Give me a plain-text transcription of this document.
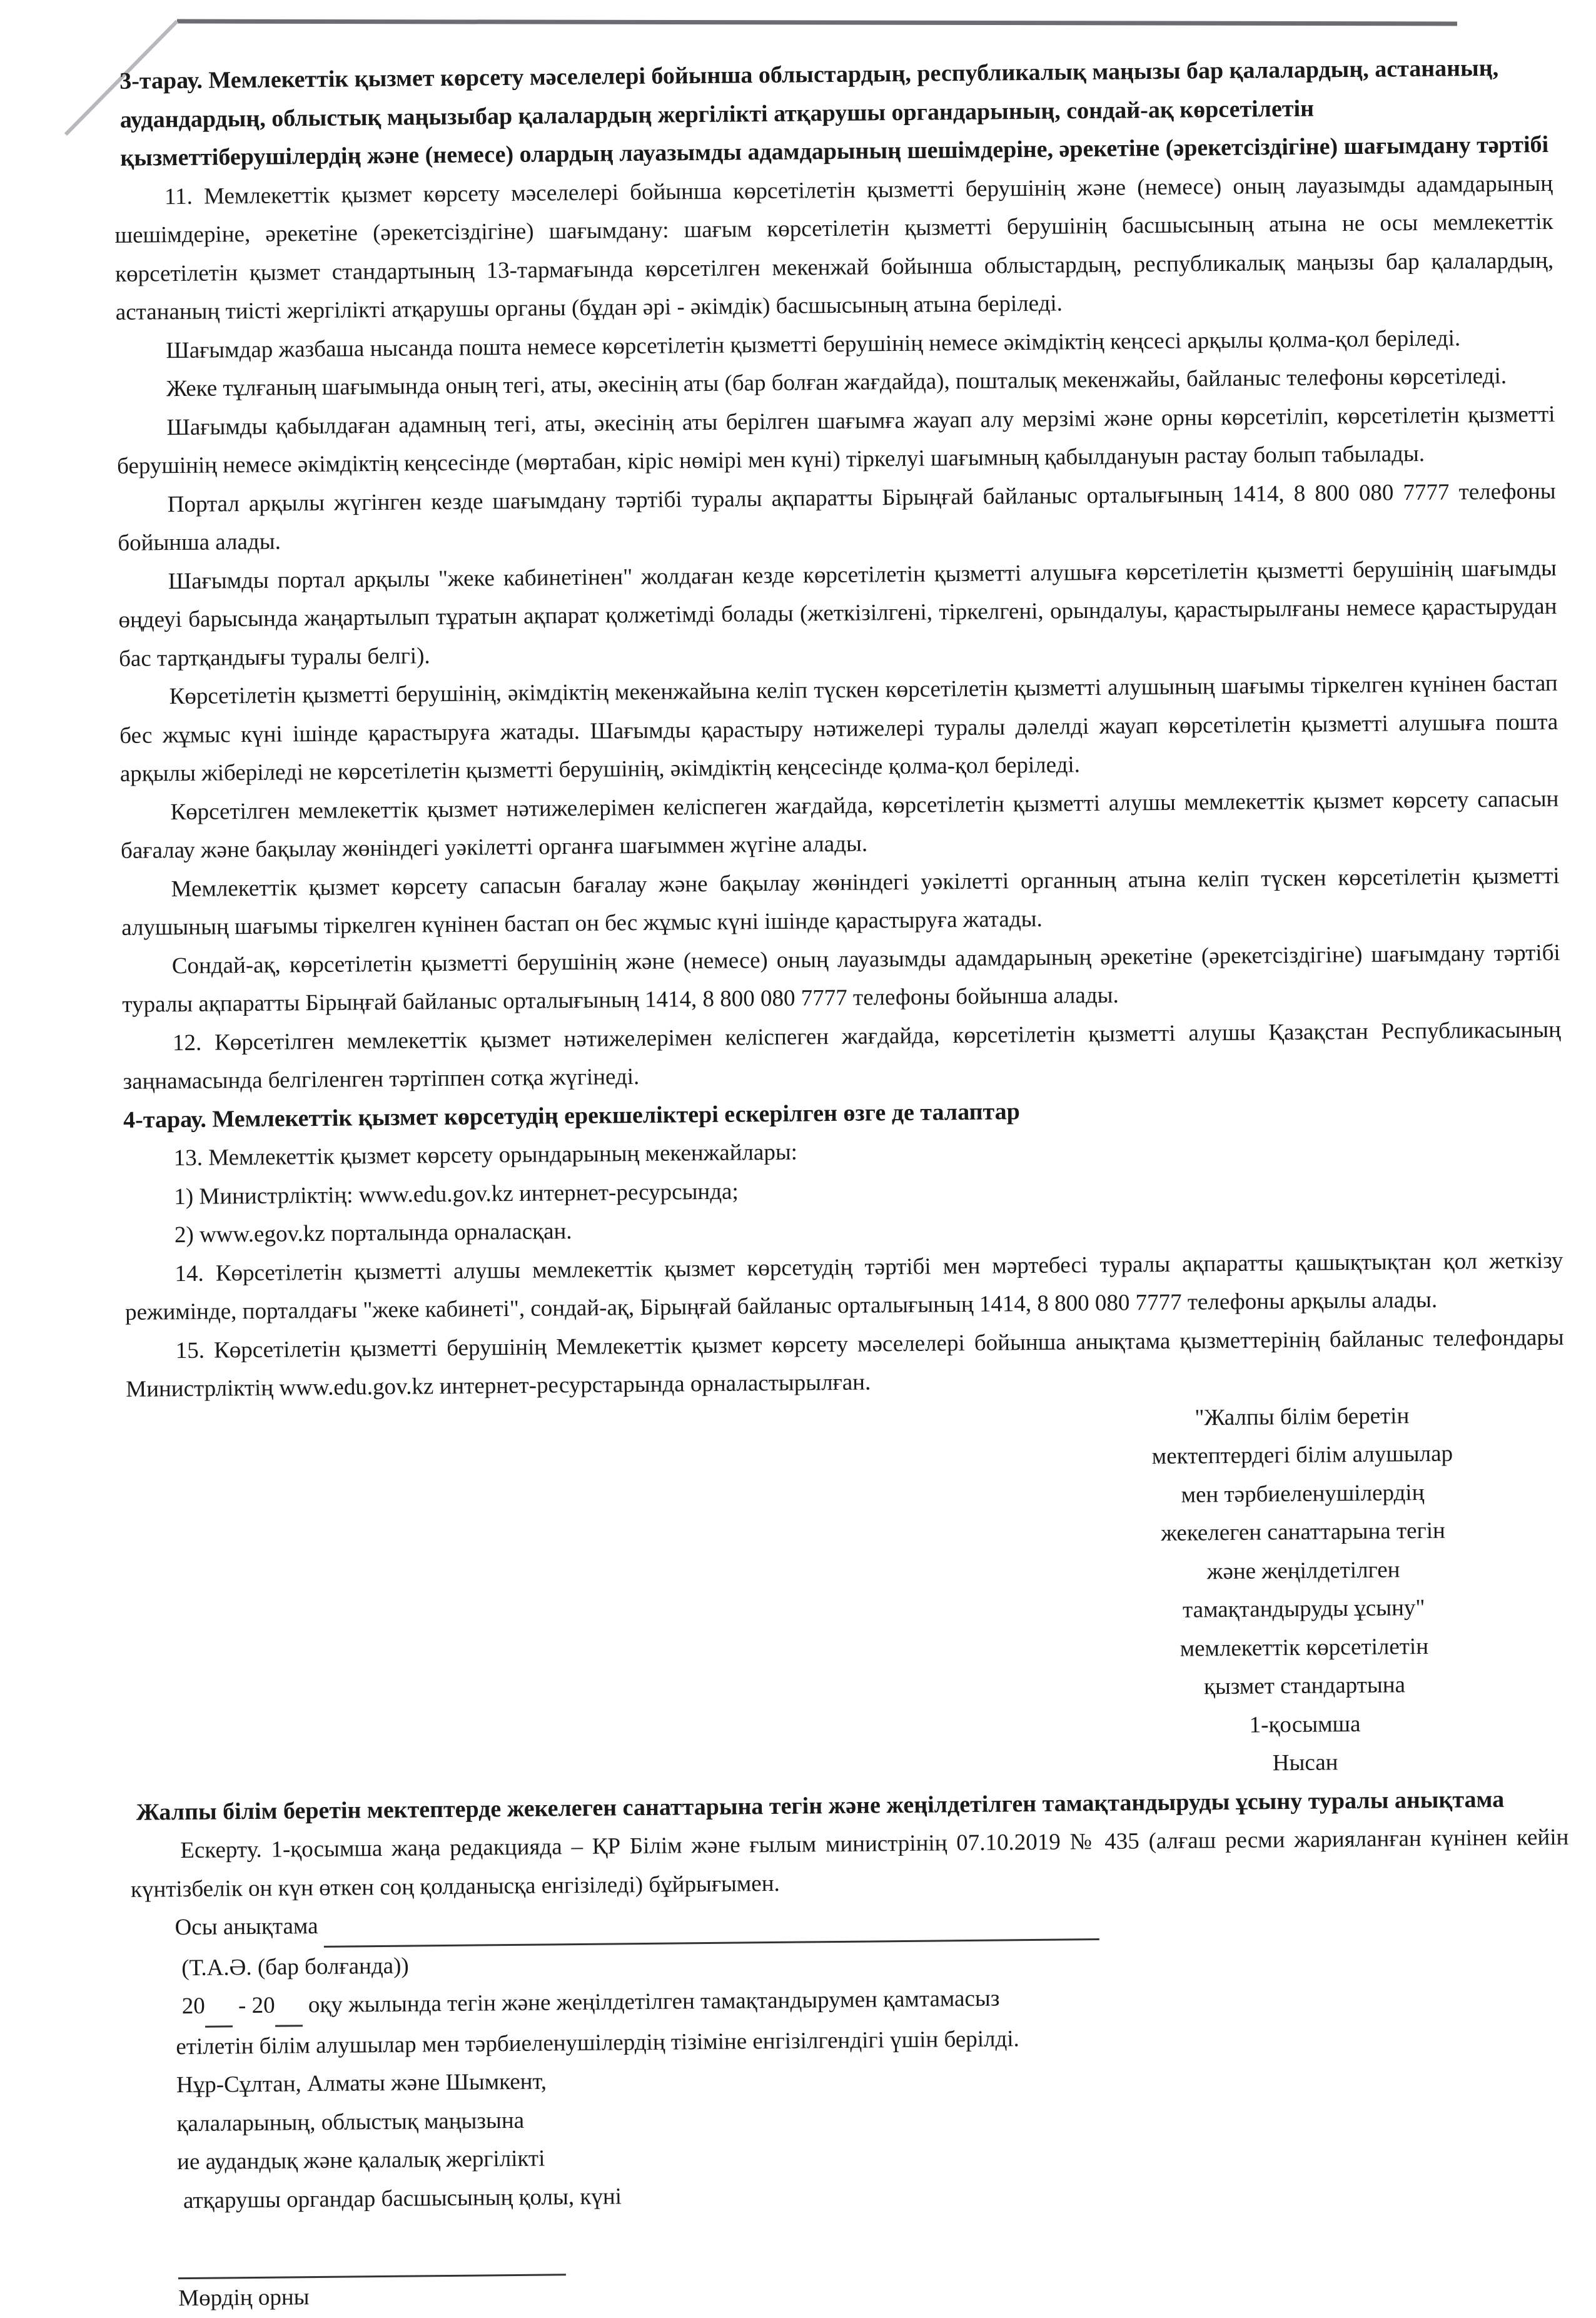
3-тарау. Мемлекеттік қызмет көрсету мәселелері бойынша облыстардың, республикалық маңызы бар қалалардың, астананың, аудандардың, облыстық маңызыбар қалалардың жергілікті атқарушы органдарының, сондай-ақ көрсетілетін қызметтіберушілердің және (немесе) олардың лауазымды адамдарының шешімдеріне, әрекетіне (әрекетсіздігіне) шағымдану тәртібі

11. Мемлекеттік қызмет көрсету мәселелері бойынша көрсетілетін қызметті берушінің және (немесе) оның лауазымды адамдарының шешімдеріне, әрекетіне (әрекетсіздігіне) шағымдану: шағым көрсетілетін қызметті берушінің басшысының атына не осы мемлекеттік көрсетілетін қызмет стандартының 13-тармағында көрсетілген мекенжай бойынша облыстардың, республикалық маңызы бар қалалардың, астананың тиісті жергілікті атқарушы органы (бұдан әрі - әкімдік) басшысының атына беріледі.

Шағымдар жазбаша нысанда пошта немесе көрсетілетін қызметті берушінің немесе әкімдіктің кеңсесі арқылы қолма-қол беріледі.

Жеке тұлғаның шағымында оның тегі, аты, әкесінің аты (бар болған жағдайда), пошталық мекенжайы, байланыс телефоны көрсетіледі.

Шағымды қабылдаған адамның тегі, аты, әкесінің аты берілген шағымға жауап алу мерзімі және орны көрсетіліп, көрсетілетін қызметті берушінің немесе әкімдіктің кеңсесінде (мөртабан, кіріс нөмірі мен күні) тіркелуі шағымның қабылдануын растау болып табылады.

Портал арқылы жүгінген кезде шағымдану тәртібі туралы ақпаратты Бірыңғай байланыс орталығының 1414, 8 800 080 7777 телефоны бойынша алады.

Шағымды портал арқылы "жеке кабинетінен" жолдаған кезде көрсетілетін қызметті алушыға көрсетілетін қызметті берушінің шағымды өңдеуі барысында жаңартылып тұратын ақпарат қолжетімді болады (жеткізілгені, тіркелгені, орындалуы, қарастырылғаны немесе қарастырудан бас тартқандығы туралы белгі).

Көрсетілетін қызметті берушінің, әкімдіктің мекенжайына келіп түскен көрсетілетін қызметті алушының шағымы тіркелген күнінен бастап бес жұмыс күні ішінде қарастыруға жатады. Шағымды қарастыру нәтижелері туралы дәлелді жауап көрсетілетін қызметті алушыға пошта арқылы жіберіледі не көрсетілетін қызметті берушінің, әкімдіктің кеңсесінде қолма-қол беріледі.

Көрсетілген мемлекеттік қызмет нәтижелерімен келіспеген жағдайда, көрсетілетін қызметті алушы мемлекеттік қызмет көрсету сапасын бағалау және бақылау жөніндегі уәкілетті органға шағыммен жүгіне алады.

Мемлекеттік қызмет көрсету сапасын бағалау және бақылау жөніндегі уәкілетті органның атына келіп түскен көрсетілетін қызметті алушының шағымы тіркелген күнінен бастап он бес жұмыс күні ішінде қарастыруға жатады.

Сондай-ақ, көрсетілетін қызметті берушінің және (немесе) оның лауазымды адамдарының әрекетіне (әрекетсіздігіне) шағымдану тәртібі туралы ақпаратты Бірыңғай байланыс орталығының 1414, 8 800 080 7777 телефоны бойынша алады.

12. Көрсетілген мемлекеттік қызмет нәтижелерімен келіспеген жағдайда, көрсетілетін қызметті алушы Қазақстан Республикасының заңнамасында белгіленген тәртіппен сотқа жүгінеді.

4-тарау. Мемлекеттік қызмет көрсетудің ерекшеліктері ескерілген өзге де талаптар

13. Мемлекеттік қызмет көрсету орындарының мекенжайлары:

1) Министрліктің: www.edu.gov.kz интернет-ресурсында;

2) www.egov.kz порталында орналасқан.

14. Көрсетілетін қызметті алушы мемлекеттік қызмет көрсетудің тәртібі мен мәртебесі туралы ақпаратты қашықтықтан қол жеткізу режимінде, порталдағы "жеке кабинеті", сондай-ақ, Бірыңғай байланыс орталығының 1414, 8 800 080 7777 телефоны арқылы алады.

15. Көрсетілетін қызметті берушінің Мемлекеттік қызмет көрсету мәселелері бойынша анықтама қызметтерінің байланыс телефондары Министрліктің www.edu.gov.kz интернет-ресурстарында орналастырылған.

"Жалпы білім беретін
мектептердегі білім алушылар
мен тәрбиеленушілердің
жекелеген санаттарына тегін
және жеңілдетілген
тамақтандыруды ұсыну"
мемлекеттік көрсетілетін
қызмет стандартына
1-қосымша
Нысан

Жалпы білім беретін мектептерде жекелеген санаттарына тегін және жеңілдетілген тамақтандыруды ұсыну туралы анықтама

Ескерту. 1-қосымша жаңа редакцияда – ҚР Білім және ғылым министрінің 07.10.2019 № 435 (алғаш ресми жарияланған күнінен кейін күнтізбелік он күн өткен соң қолданысқа енгізіледі) бұйрығымен.

Осы анықтама

(Т.А.Ә. (бар болғанда))

20  - 20  оқу жылында тегін және жеңілдетілген тамақтандырумен қамтамасыз

етілетін білім алушылар мен тәрбиеленушілердің тізіміне енгізілгендігі үшін берілді.

Нұр-Сұлтан, Алматы және Шымкент,

қалаларының, облыстық маңызына

ие аудандық және қалалық жергілікті

атқарушы органдар басшысының қолы, күні

Мөрдің орны
